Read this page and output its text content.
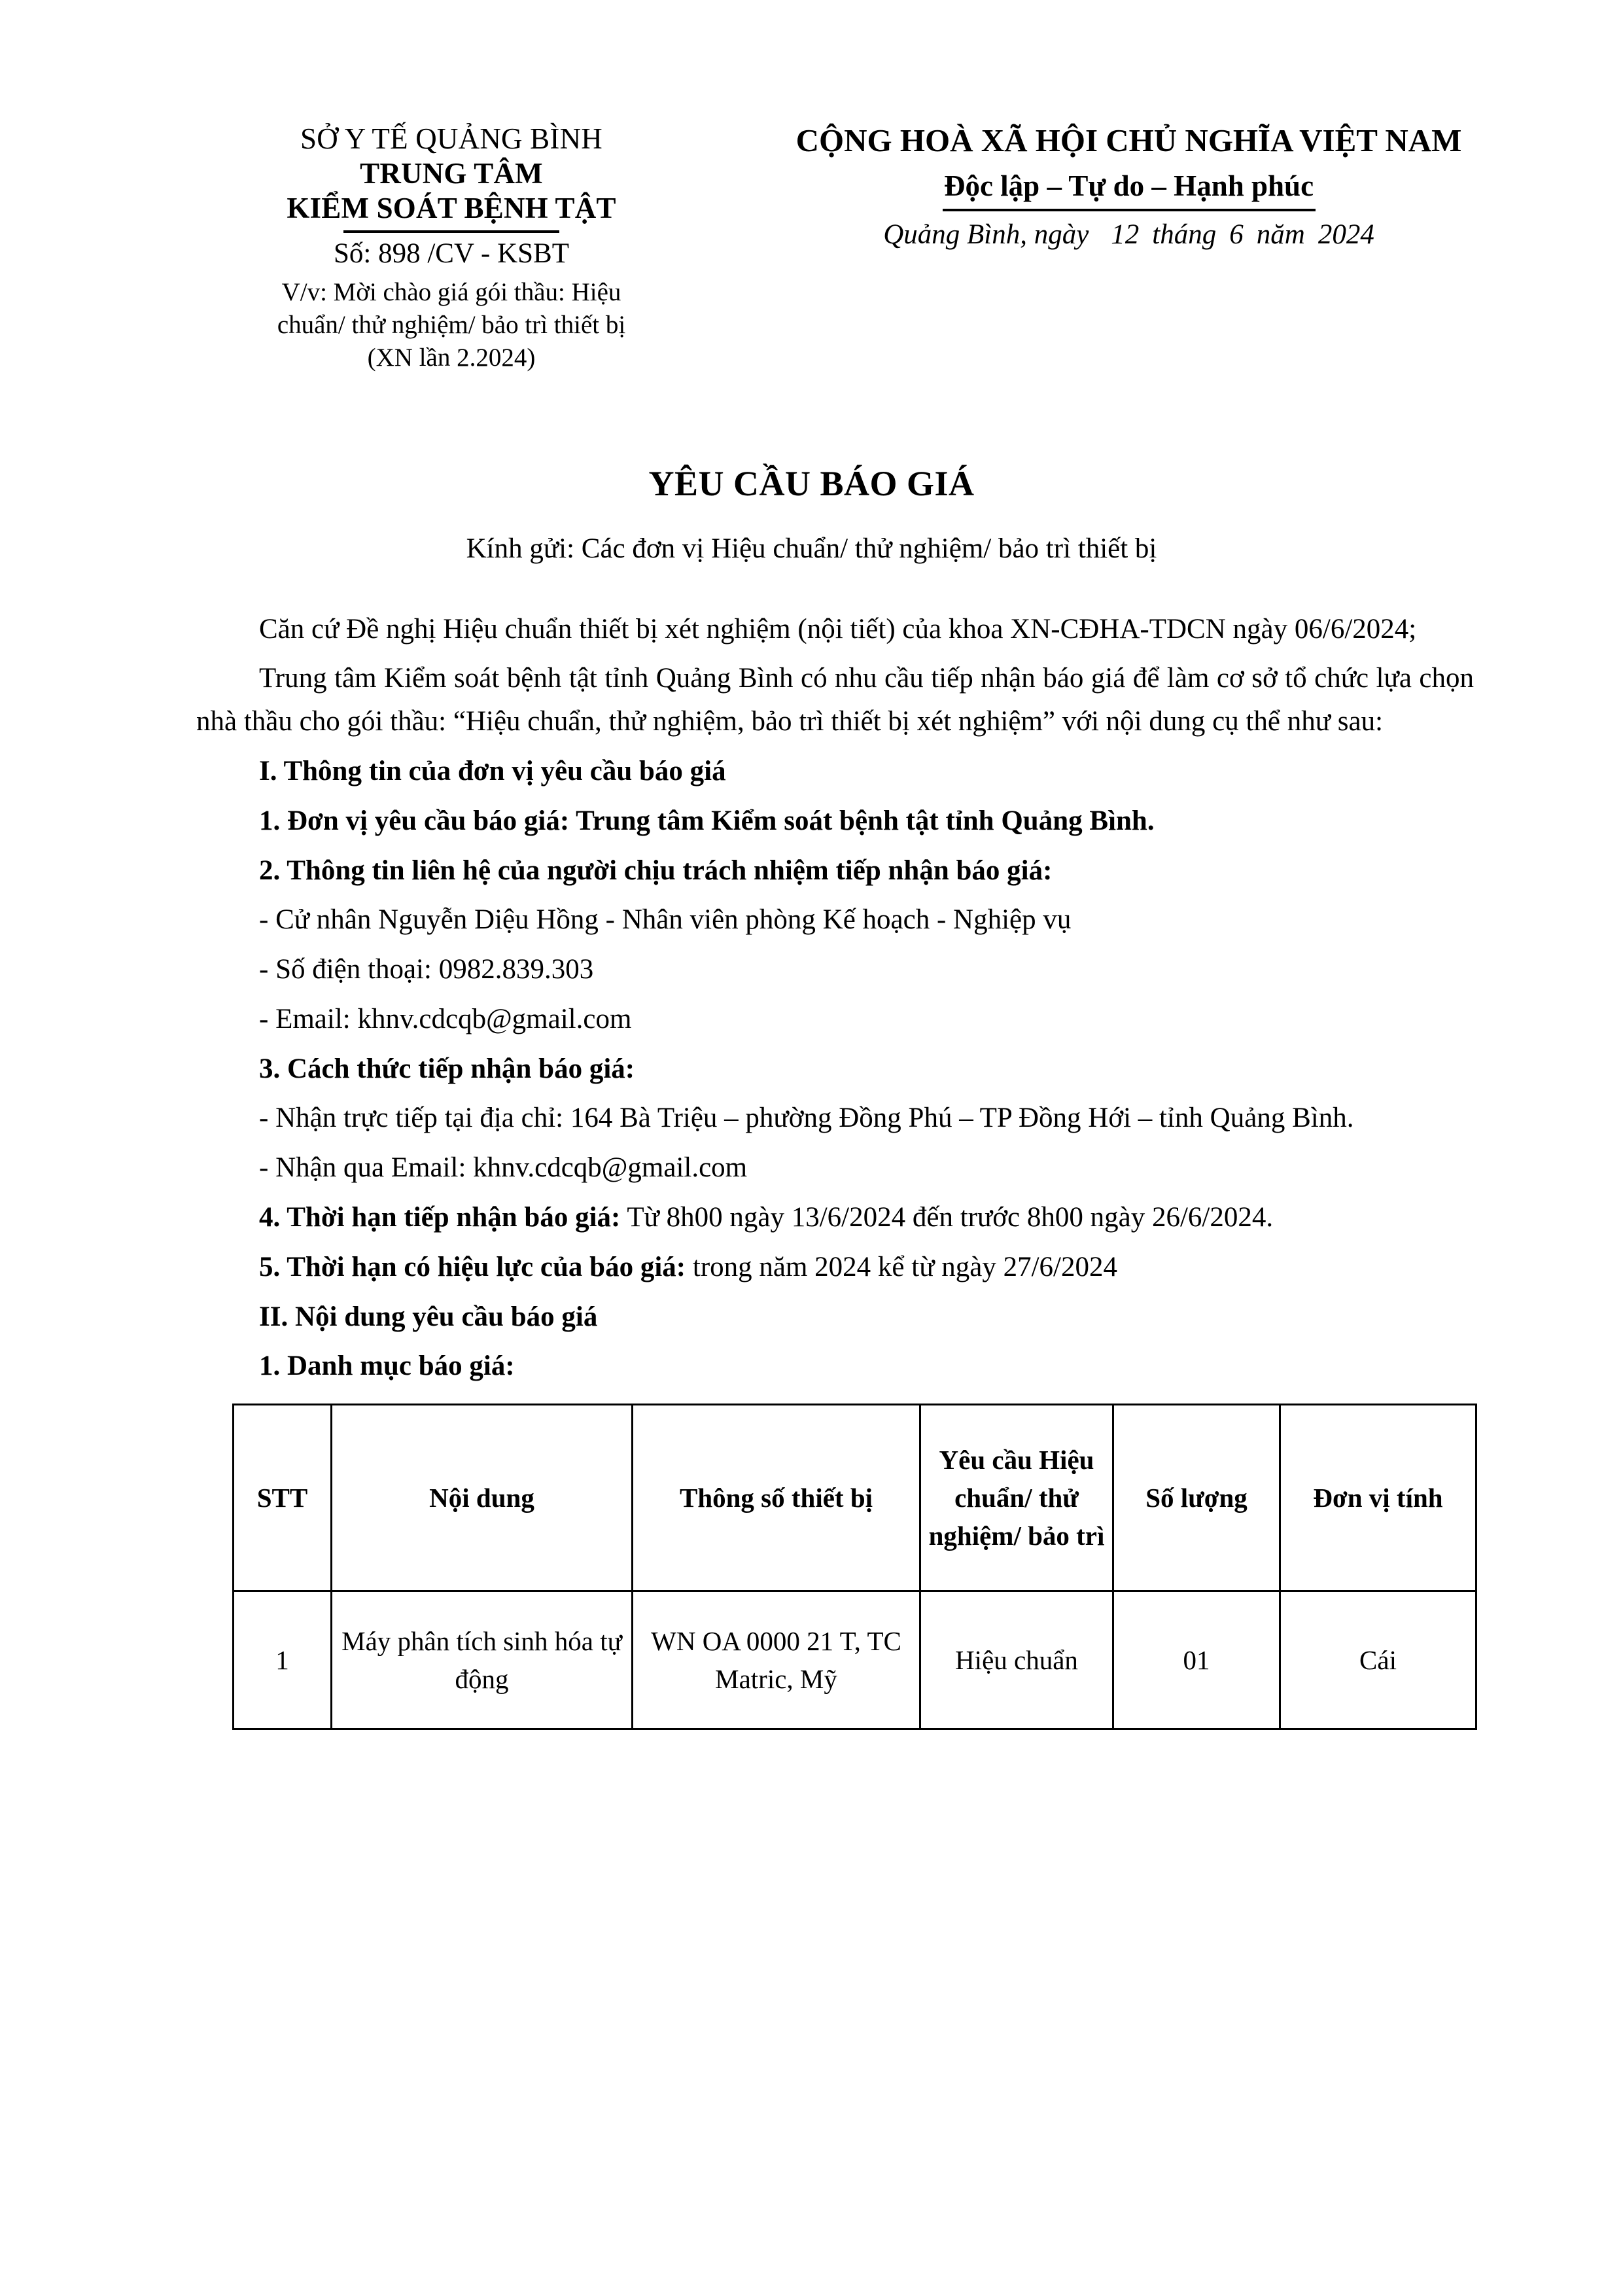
SỞ Y TẾ QUẢNG BÌNH
TRUNG TÂM
KIỂM SOÁT BỆNH TẬT
Số: 898 /CV - KSBT
V/v: Mời chào giá gói thầu: Hiệu
chuẩn/ thử nghiệm/ bảo trì thiết bị
(XN lần 2.2024)
CỘNG HOÀ XÃ HỘI CHỦ NGHĨA VIỆT NAM
Độc lập – Tự do – Hạnh phúc
Quảng Bình, ngày 12 tháng 6 năm 2024
YÊU CẦU BÁO GIÁ
Kính gửi: Các đơn vị Hiệu chuẩn/ thử nghiệm/ bảo trì thiết bị

Căn cứ Đề nghị Hiệu chuẩn thiết bị xét nghiệm (nội tiết) của khoa XN-CĐHA-TDCN ngày 06/6/2024;

Trung tâm Kiểm soát bệnh tật tỉnh Quảng Bình có nhu cầu tiếp nhận báo giá để làm cơ sở tổ chức lựa chọn nhà thầu cho gói thầu: “Hiệu chuẩn, thử nghiệm, bảo trì thiết bị xét nghiệm” với nội dung cụ thể như sau:

I. Thông tin của đơn vị yêu cầu báo giá

1. Đơn vị yêu cầu báo giá: Trung tâm Kiểm soát bệnh tật tỉnh Quảng Bình.

2. Thông tin liên hệ của người chịu trách nhiệm tiếp nhận báo giá:

- Cử nhân Nguyễn Diệu Hồng - Nhân viên phòng Kế hoạch - Nghiệp vụ

- Số điện thoại: 0982.839.303

- Email: khnv.cdcqb@gmail.com

3. Cách thức tiếp nhận báo giá:

- Nhận trực tiếp tại địa chỉ: 164 Bà Triệu – phường Đồng Phú – TP Đồng Hới – tỉnh Quảng Bình.

- Nhận qua Email: khnv.cdcqb@gmail.com

4. Thời hạn tiếp nhận báo giá: Từ 8h00 ngày 13/6/2024 đến trước 8h00 ngày 26/6/2024.

5. Thời hạn có hiệu lực của báo giá: trong năm 2024 kể từ ngày 27/6/2024

II. Nội dung yêu cầu báo giá

1. Danh mục báo giá:

STT	Nội dung	Thông số thiết bị	Yêu cầu Hiệu chuẩn/ thử nghiệm/ bảo trì	Số lượng	Đơn vị tính
1	Máy phân tích sinh hóa tự động	WN OA 0000 21 T, TC Matric, Mỹ	Hiệu chuẩn	01	Cái
